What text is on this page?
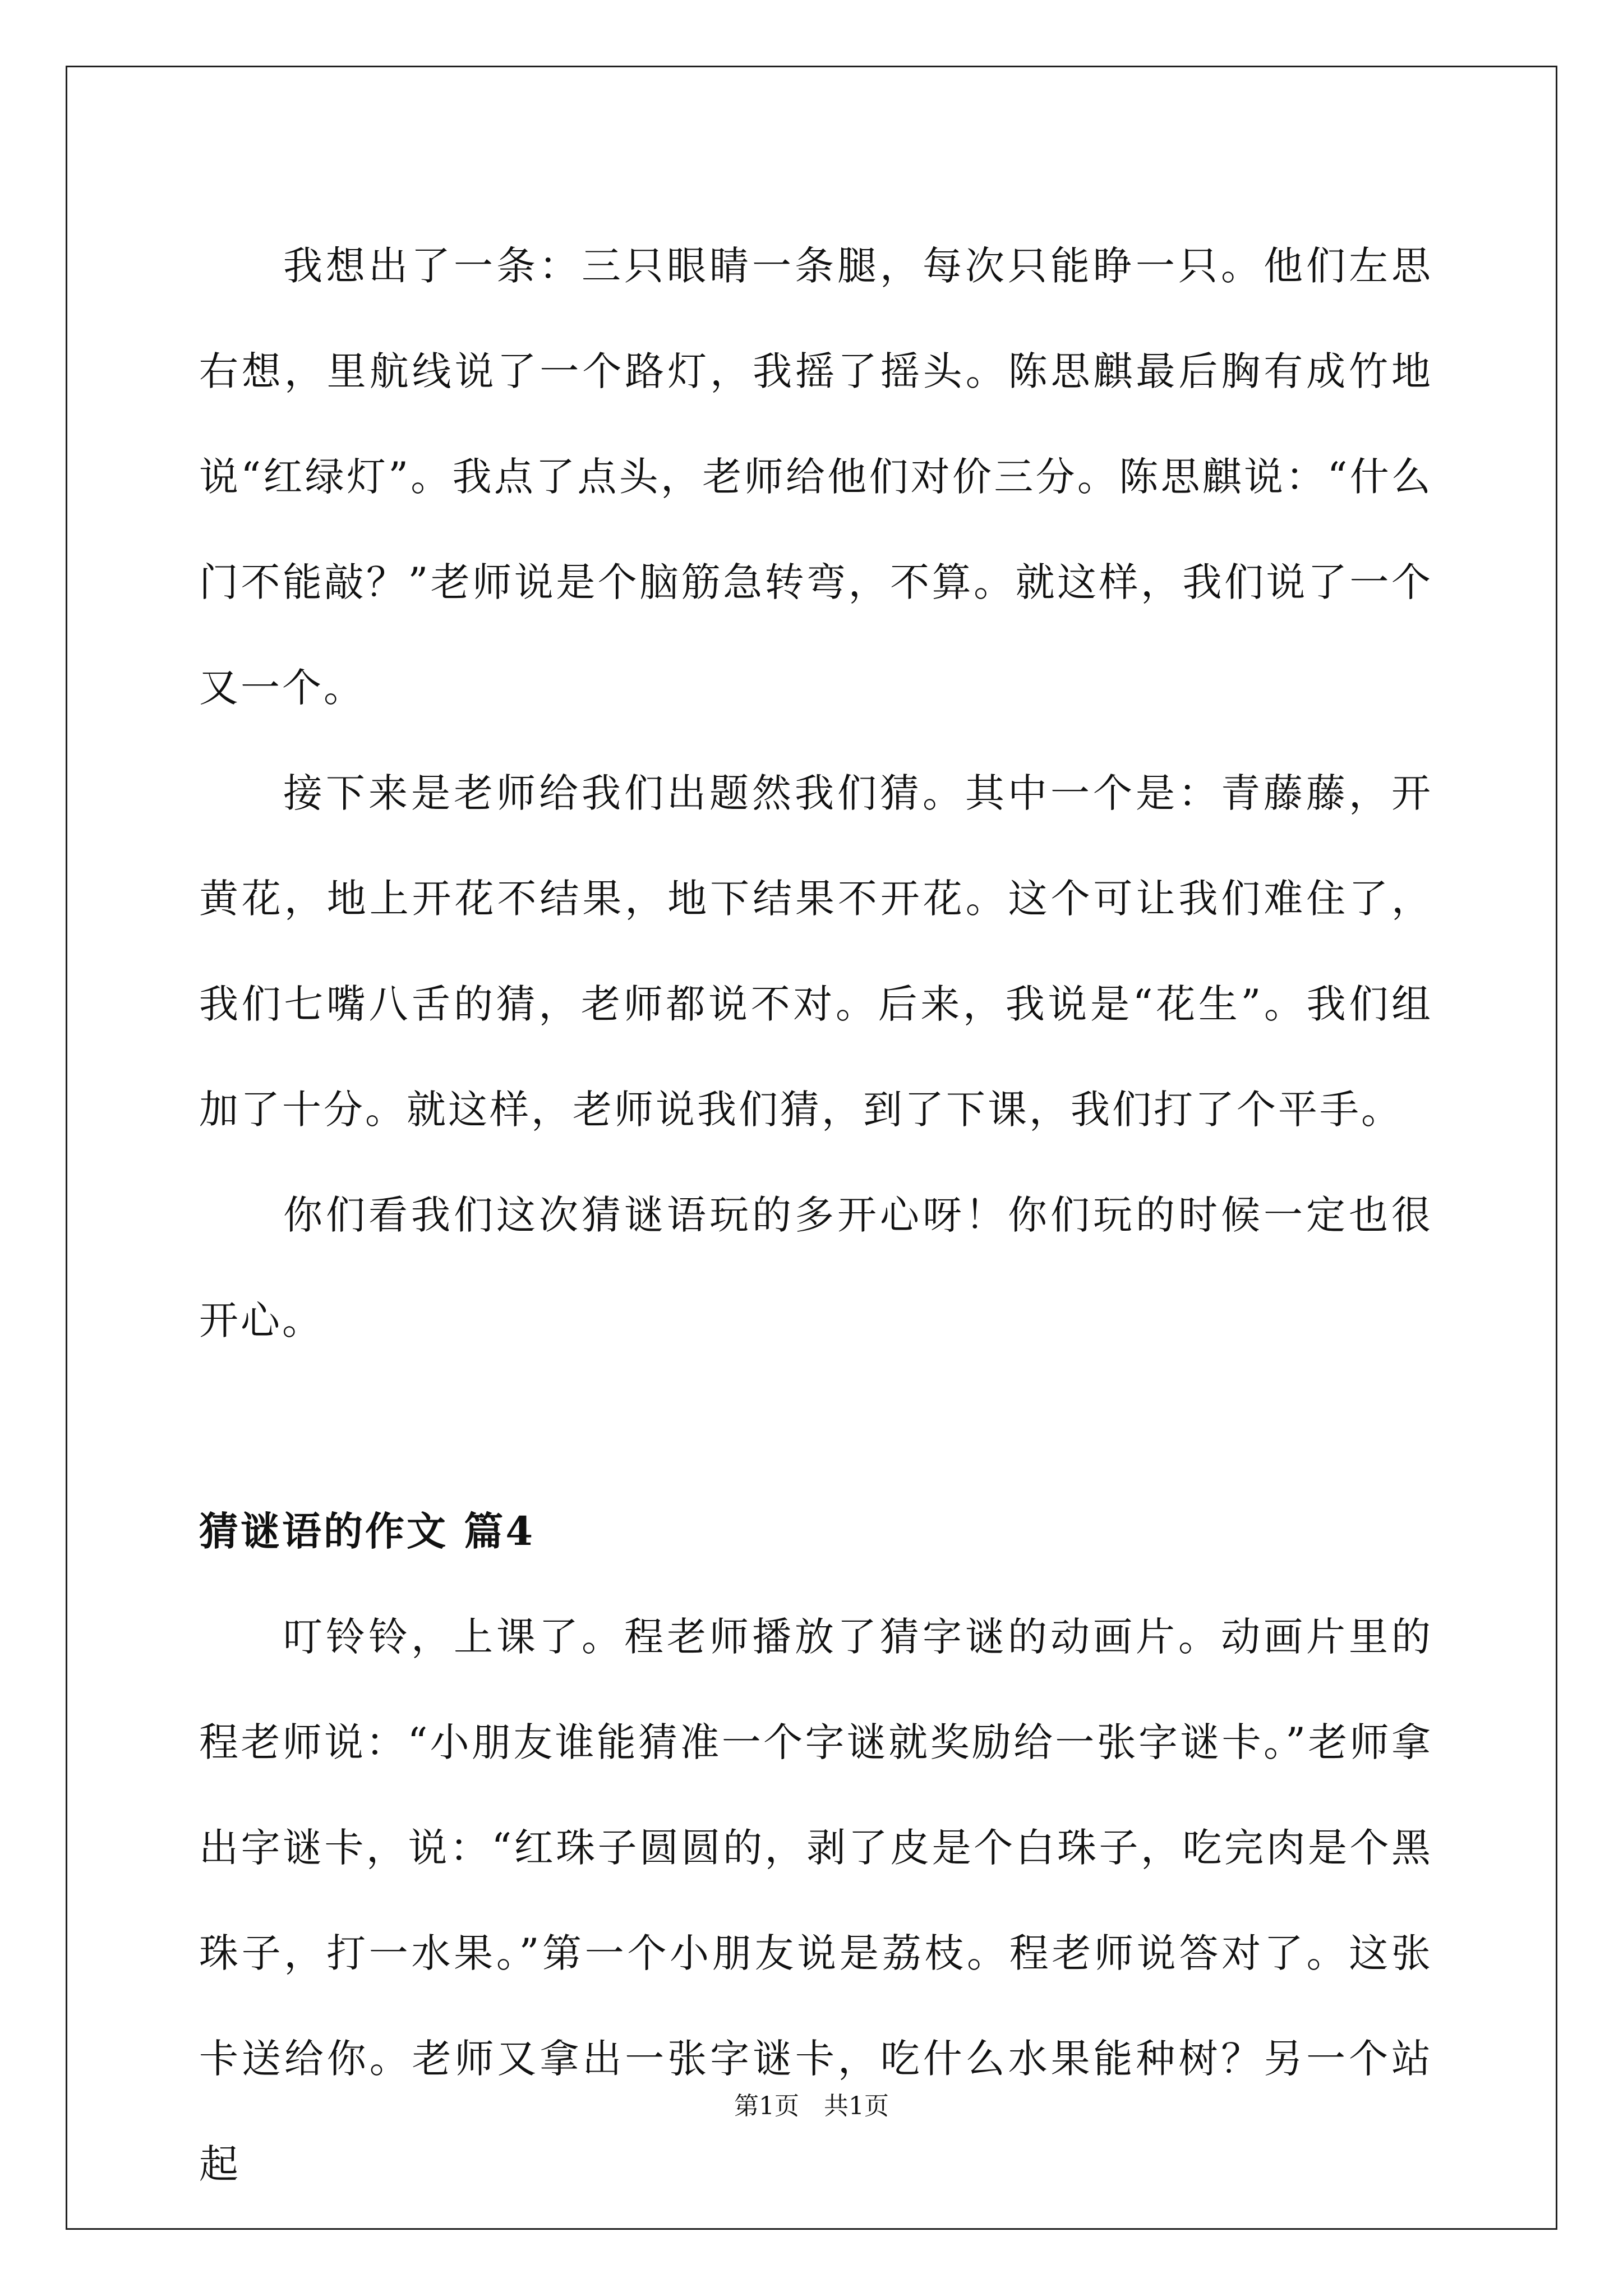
我想出了一条：三只眼睛一条腿，每次只能睁一只。他们左思右想，里航线说了一个路灯，我摇了摇头。陈思麒最后胸有成竹地说“红绿灯”。我点了点头，老师给他们对价三分。陈思麒说：“什么门不能敲？”老师说是个脑筋急转弯，不算。就这样，我们说了一个又一个。

接下来是老师给我们出题然我们猜。其中一个是：青藤藤，开黄花，地上开花不结果，地下结果不开花。这个可让我们难住了，我们七嘴八舌的猜，老师都说不对。后来，我说是“花生”。我们组加了十分。就这样，老师说我们猜，到了下课，我们打了个平手。

你们看我们这次猜谜语玩的多开心呀！你们玩的时候一定也很开心。

猜谜语的作文 篇4

叮铃铃，上课了。程老师播放了猜字谜的动画片。动画片里的程老师说：“小朋友谁能猜准一个字谜就奖励给一张字谜卡。”老师拿出字谜卡，说：“红珠子圆圆的，剥了皮是个白珠子，吃完肉是个黑珠子，打一水果。”第一个小朋友说是荔枝。程老师说答对了。这张卡送给你。老师又拿出一张字谜卡，吃什么水果能种树？另一个站起

第1页　共1页
